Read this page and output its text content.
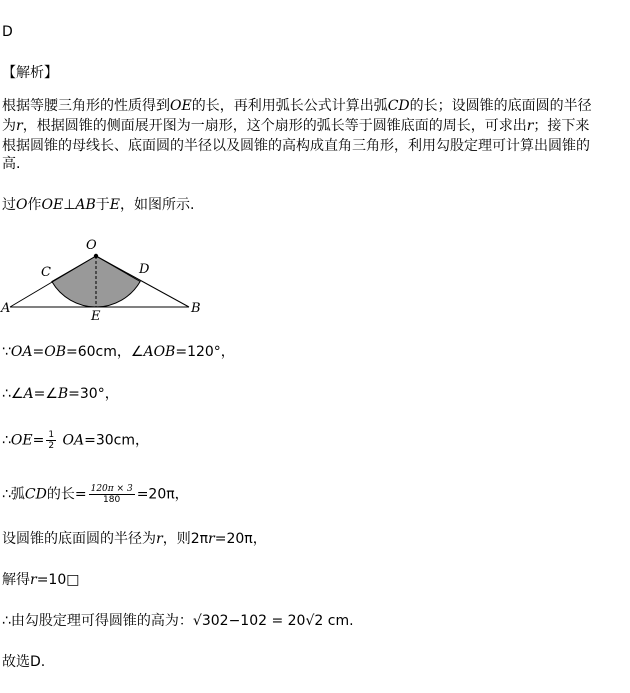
D
【解析】
根据等腰三角形的性质得到OE的长，再利用弧长公式计算出弧CD的长；设圆锥的底面圆的半径
为r，根据圆锥的侧面展开图为一扇形，这个扇形的弧长等于圆锥底面的周长，可求出r；接下来
根据圆锥的母线长、底面圆的半径以及圆锥的高构成直角三角形，利用勾股定理可计算出圆锥的
高.
过O作OE⊥AB于E，如图所示.
O
C	D
A
E
B
∵OA=OB=60cm，∠AOB=120°，
∴∠A=∠B=30°，
∴OE= $\frac{1}{2} OA=30cm$，
∴弧CD的长= $\frac{120\pi \times 3}{180} =20\pi$，
设圆锥的底面圆的半径为r，则2πr=20π，
解得r=10□
∴由勾股定理可得圆锥的高为：√302−102 = 20√2 cm.
故选D.
